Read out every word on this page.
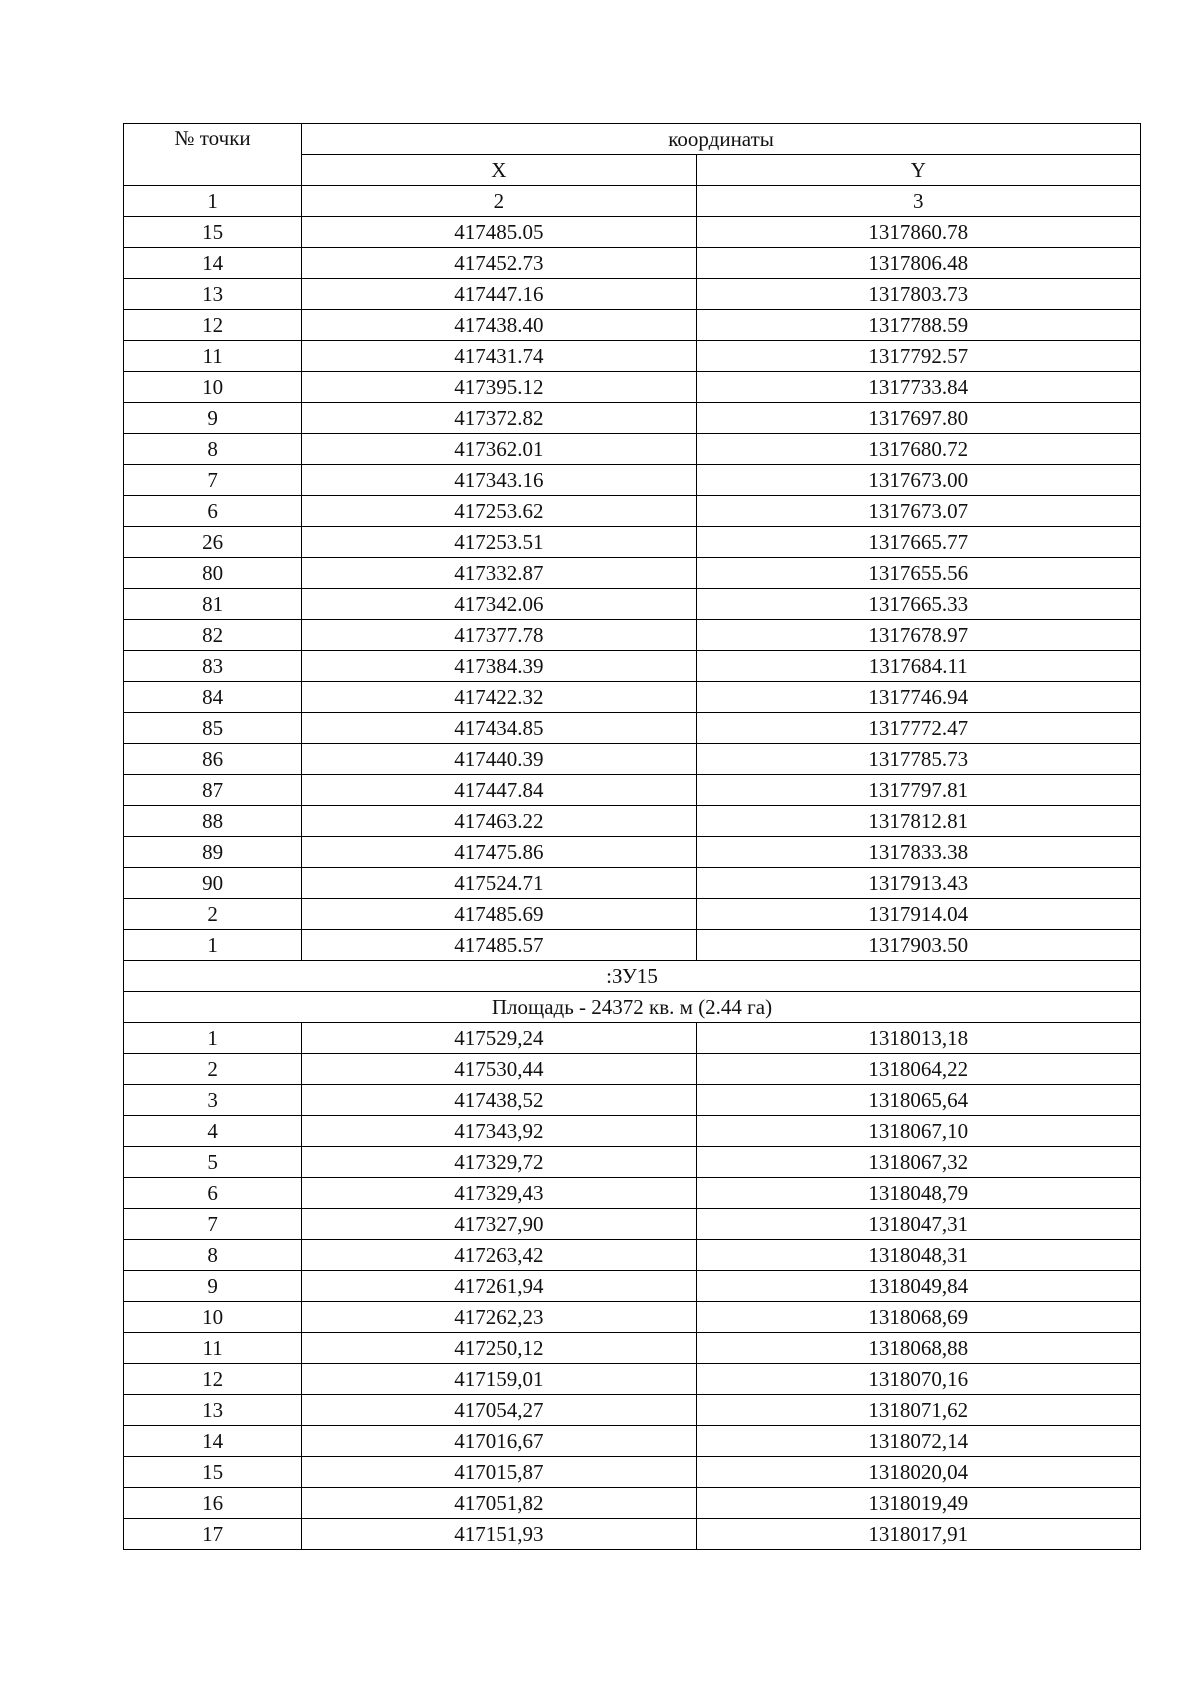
№ точки	координаты	
	X	Y
1	2	3
15	417485.05	1317860.78
14	417452.73	1317806.48
13	417447.16	1317803.73
12	417438.40	1317788.59
11	417431.74	1317792.57
10	417395.12	1317733.84
9	417372.82	1317697.80
8	417362.01	1317680.72
7	417343.16	1317673.00
6	417253.62	1317673.07
26	417253.51	1317665.77
80	417332.87	1317655.56
81	417342.06	1317665.33
82	417377.78	1317678.97
83	417384.39	1317684.11
84	417422.32	1317746.94
85	417434.85	1317772.47
86	417440.39	1317785.73
87	417447.84	1317797.81
88	417463.22	1317812.81
89	417475.86	1317833.38
90	417524.71	1317913.43
2	417485.69	1317914.04
1	417485.57	1317903.50
:ЗУ15		
Площадь - 24372 кв. м (2.44 га)		
1	417529,24	1318013,18
2	417530,44	1318064,22
3	417438,52	1318065,64
4	417343,92	1318067,10
5	417329,72	1318067,32
6	417329,43	1318048,79
7	417327,90	1318047,31
8	417263,42	1318048,31
9	417261,94	1318049,84
10	417262,23	1318068,69
11	417250,12	1318068,88
12	417159,01	1318070,16
13	417054,27	1318071,62
14	417016,67	1318072,14
15	417015,87	1318020,04
16	417051,82	1318019,49
17	417151,93	1318017,91
